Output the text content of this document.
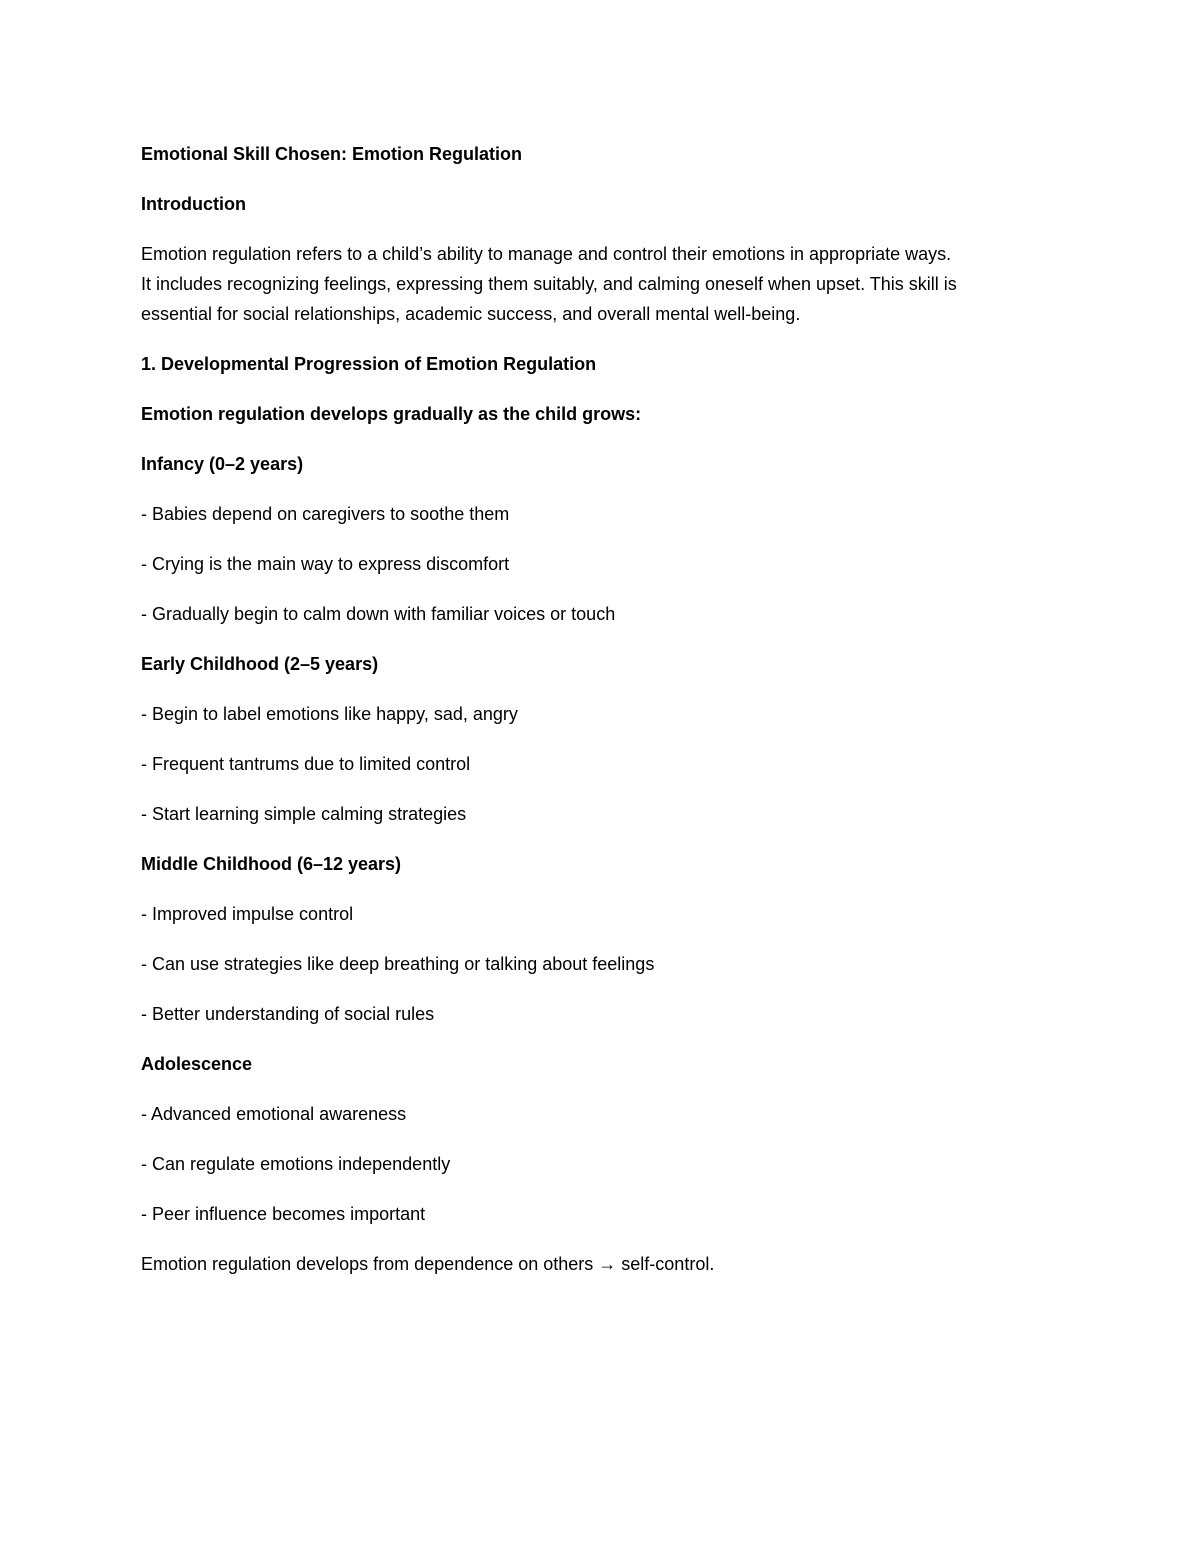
Emotional Skill Chosen: Emotion Regulation
Introduction
Emotion regulation refers to a child’s ability to manage and control their emotions in appropriate ways.
It includes recognizing feelings, expressing them suitably, and calming oneself when upset. This skill is
essential for social relationships, academic success, and overall mental well-being.
1. Developmental Progression of Emotion Regulation
Emotion regulation develops gradually as the child grows:
Infancy (0–2 years)
- Babies depend on caregivers to soothe them
- Crying is the main way to express discomfort
- Gradually begin to calm down with familiar voices or touch
Early Childhood (2–5 years)
- Begin to label emotions like happy, sad, angry
- Frequent tantrums due to limited control
- Start learning simple calming strategies
Middle Childhood (6–12 years)
- Improved impulse control
- Can use strategies like deep breathing or talking about feelings
- Better understanding of social rules
Adolescence
- Advanced emotional awareness
- Can regulate emotions independently
- Peer influence becomes important
Emotion regulation develops from dependence on others → self-control.
